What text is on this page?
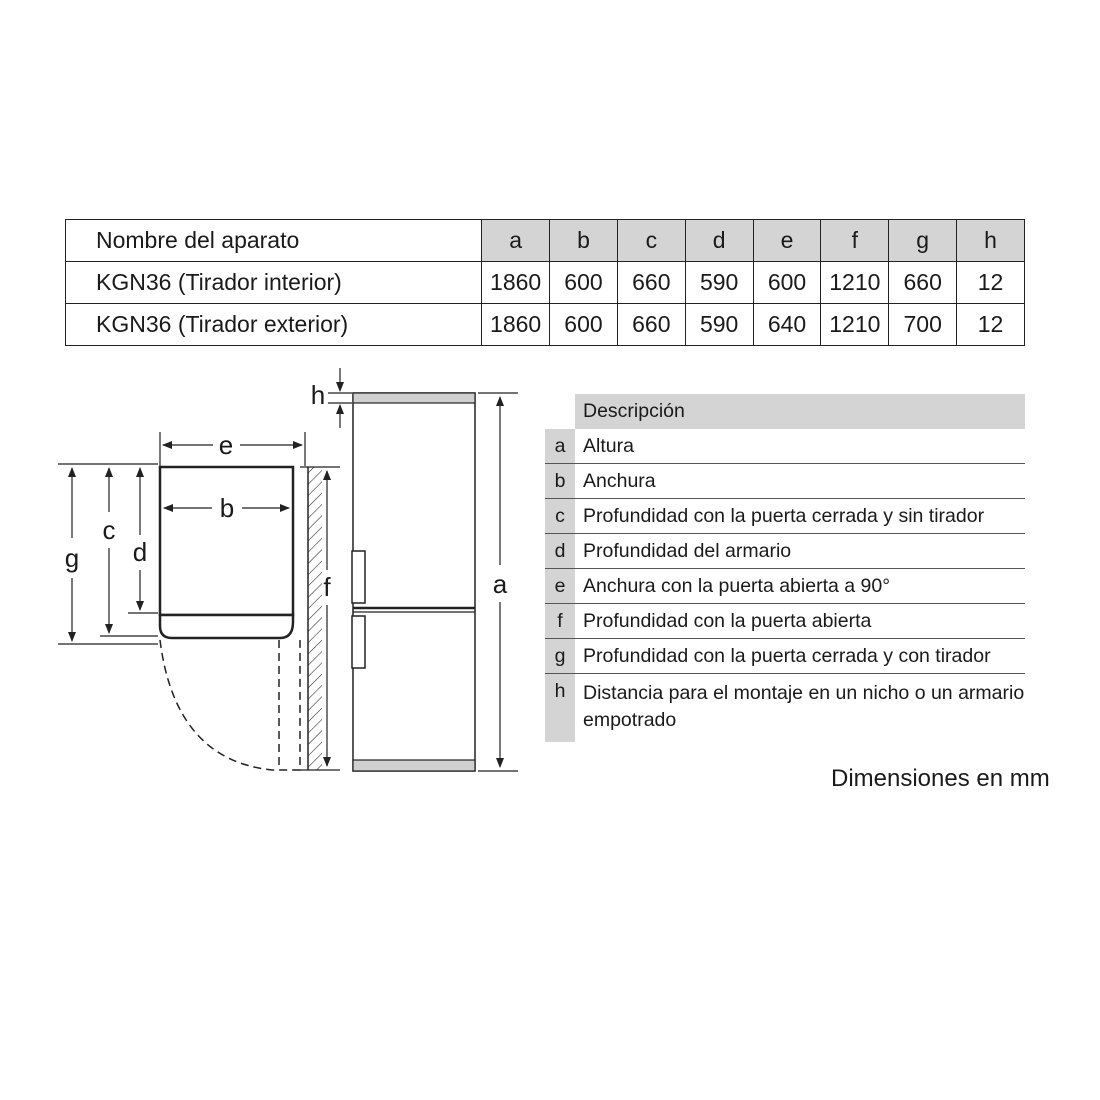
Nombre del aparato	a	b	c	d	e	f	g	h
KGN36 (Tirador interior)	1860	600	660	590	600	1210	660	12
KGN36 (Tirador exterior)	1860	600	660	590	640	1210	700	12
e
b
g
c
d
f
h
a
Descripción
a Altura
b Anchura
c Profundidad con la puerta cerrada y sin tirador
d Profundidad del armario
e Anchura con la puerta abierta a 90°
f	Profundidad con la puerta abierta
g Profundidad con la puerta cerrada y con tirador
h Distancia para el montaje en un nicho o un armario empotrado
Dimensiones en mm
